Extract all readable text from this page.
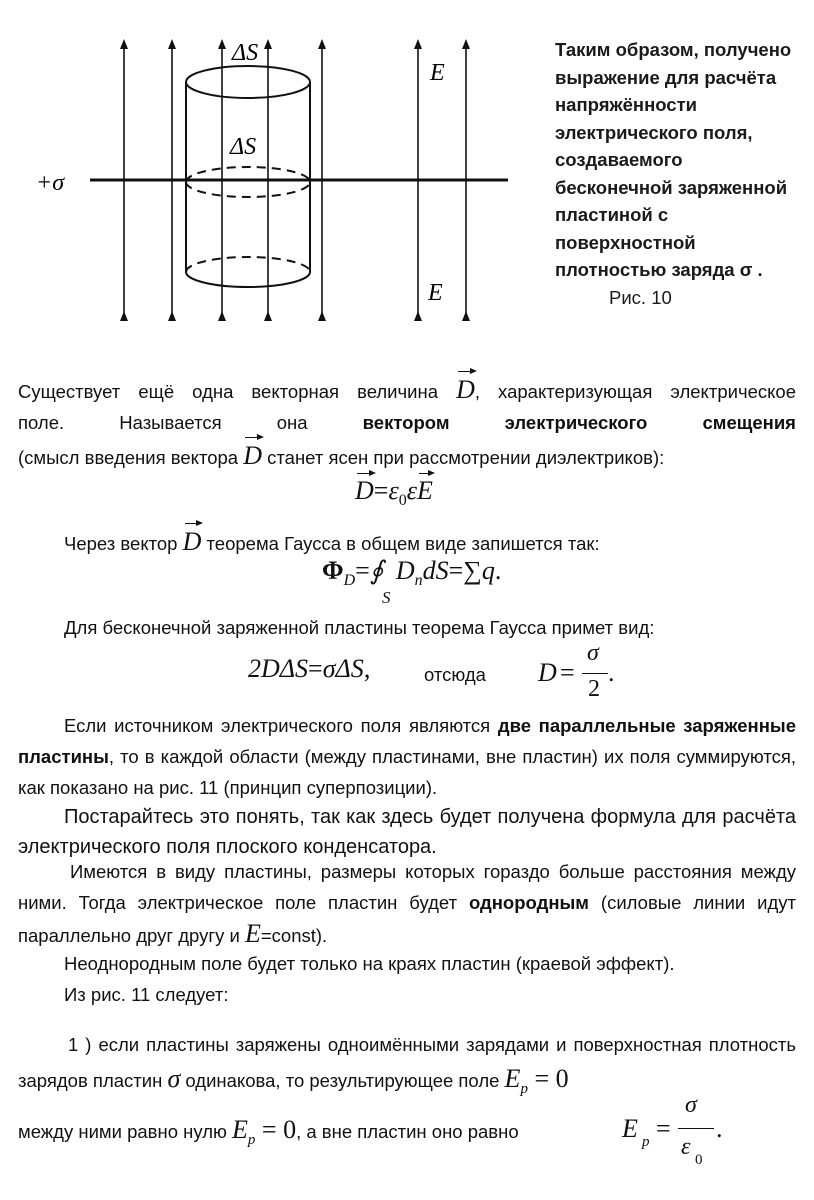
ΔS
ΔS
E
E
+σ
Таким образом, получено выражение для расчёта напряжённости электрического поля, создаваемого бесконечной заряженной пластиной с поверхностной плотностью заряда σ .
Рис. 10
Существует ещё одна векторная величина D, характеризующая электрическое поле. Называется она	вектором электрического смещения
(смысл введения вектора D станет ясен при рассмотрении диэлектриков):
$D=\varepsilon_0\varepsilon E$
Через вектор D теорема Гаусса в общем виде запишется так:
$\Phi_D=∮$
S
$D_ndS=\sum q$.
Для бесконечной заряженной пластины теорема Гаусса примет вид:
2DΔS=σΔS,	отсюда D =
σ
2
.
Если источником электрического поля являются две параллельные заряженные пластины, то в каждой области (между пластинами, вне пластин) их поля суммируются, как показано на рис. 11 (принцип суперпозиции).
Постарайтесь это понять, так как здесь будет получена формула для расчёта электрического поля плоского конденсатора.
Имеются в виду пластины, размеры которых гораздо больше расстояния между ними. Тогда электрическое поле пластин будет однородным (силовые линии идут параллельно друг другу и E=const).
Неоднородным поле будет только на краях пластин (краевой эффект).
Из рис. 11 следует:
1 ) если пластины заряжены одноимёнными зарядами и поверхностная плотность зарядов пластин σ одинакова, то результирующее поле $E_p = 0$
между ними равно нулю $E_p = 0$, а вне пластин оно равно	E p =
σ
ε 0
.
